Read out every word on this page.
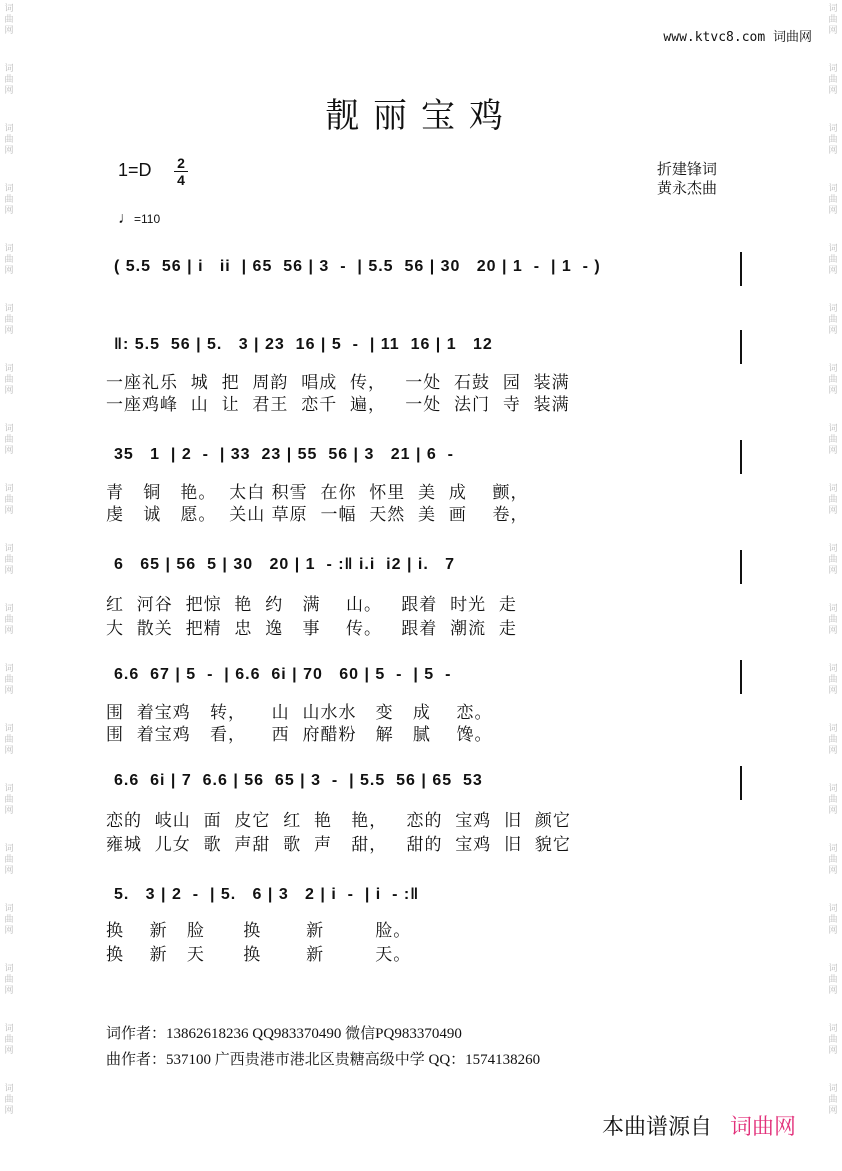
词曲网
词曲网
词曲网
词曲网
词曲网
词曲网
词曲网
词曲网
词曲网
词曲网
词曲网
词曲网
词曲网
词曲网
词曲网
词曲网
词曲网
词曲网
词曲网
词曲网
词曲网
词曲网
词曲网
词曲网
词曲网
词曲网
词曲网
词曲网
词曲网
词曲网
词曲网
词曲网
词曲网
词曲网
词曲网
词曲网
词曲网
词曲网
www.ktvc8.com 词曲网
靓丽宝鸡
1=D 2
4
♩=110
折建锋词
黄永杰曲
( 5.5  56 | i   ii  | 65  56 | 3  -  | 5.5  56 | 30   20 | 1  -  | 1  - )
‖: 5.5  56 | 5.   3 | 23  16 | 5  -  | 11  16 | 1   12
一座礼乐  城  把  周韵  唱成  传，   一处  石鼓  园  装满
一座鸡峰  山  让  君王  恋千  遍，   一处  法门  寺  装满
35   1  | 2  -  | 33  23 | 55  56 | 3   21 | 6  -
青   铜   艳。  太白 积雪  在你  怀里  美  成    颤，
虔   诚   愿。  关山 草原  一幅  天然  美  画    卷，
6   65 | 56  5 | 30   20 | 1  - :‖ i.i  i2 | i.   7
红  河谷  把惊  艳  约   满    山。   跟着  时光  走
大  散关  把精  忠  逸   事    传。   跟着  潮流  走
6.6  67 | 5  -  | 6.6  6i | 70   60 | 5  -  | 5  -
围  着宝鸡   转，    山  山水水   变   成    恋。
围  着宝鸡   看，    西  府醋粉   解   腻    馋。
6.6  6i | 7  6.6 | 56  65 | 3  -  | 5.5  56 | 65  53
恋的  岐山  面  皮它  红  艳   艳，   恋的  宝鸡  旧  颜它
雍城  儿女  歌  声甜  歌  声   甜，   甜的  宝鸡  旧  貌它
5.   3 | 2  -  | 5.   6 | 3   2 | i  -  | i  - :‖
换    新   脸      换       新        脸。
换    新   天      换       新        天。
词作者：13862618236 QQ983370490 微信PQ983370490
曲作者：537100 广西贵港市港北区贵糖高级中学 QQ：1574138260
本曲谱源自 词曲网
